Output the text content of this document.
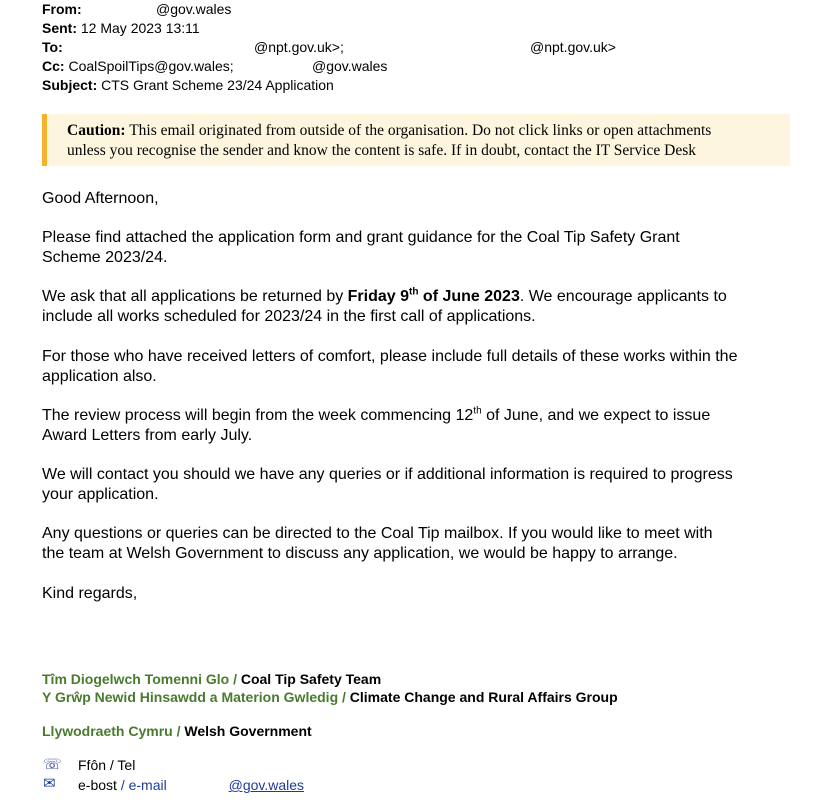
From:	@gov.wales
Sent: 12 May 2023 13:11
To:	@npt.gov.uk>;	@npt.gov.uk>
Cc: CoalSpoilTips@gov.wales;	@gov.wales
Subject: CTS Grant Scheme 23/24 Application
Caution: This email originated from outside of the organisation. Do not click links or open attachments
unless you recognise the sender and know the content is safe. If in doubt, contact the IT Service Desk
Good Afternoon,
Please find attached the application form and grant guidance for the Coal Tip Safety Grant
Scheme 2023/24.
We ask that all applications be returned by Friday 9th of June 2023. We encourage applicants to
include all works scheduled for 2023/24 in the first call of applications.
For those who have received letters of comfort, please include full details of these works within the
application also.
The review process will begin from the week commencing 12th of June, and we expect to issue
Award Letters from early July.
We will contact you should we have any queries or if additional information is required to progress
your application.
Any questions or queries can be directed to the Coal Tip mailbox. If you would like to meet with
the team at Welsh Government to discuss any application, we would be happy to arrange.
Kind regards,
Tîm Diogelwch Tomenni Glo / Coal Tip Safety Team
Y Grŵp Newid Hinsawdd a Materion Gwledig / Climate Change and Rural Affairs Group
Llywodraeth Cymru / Welsh Government
☏ Ffôn / Tel
✉ e-bost / e-mail	@gov.wales
